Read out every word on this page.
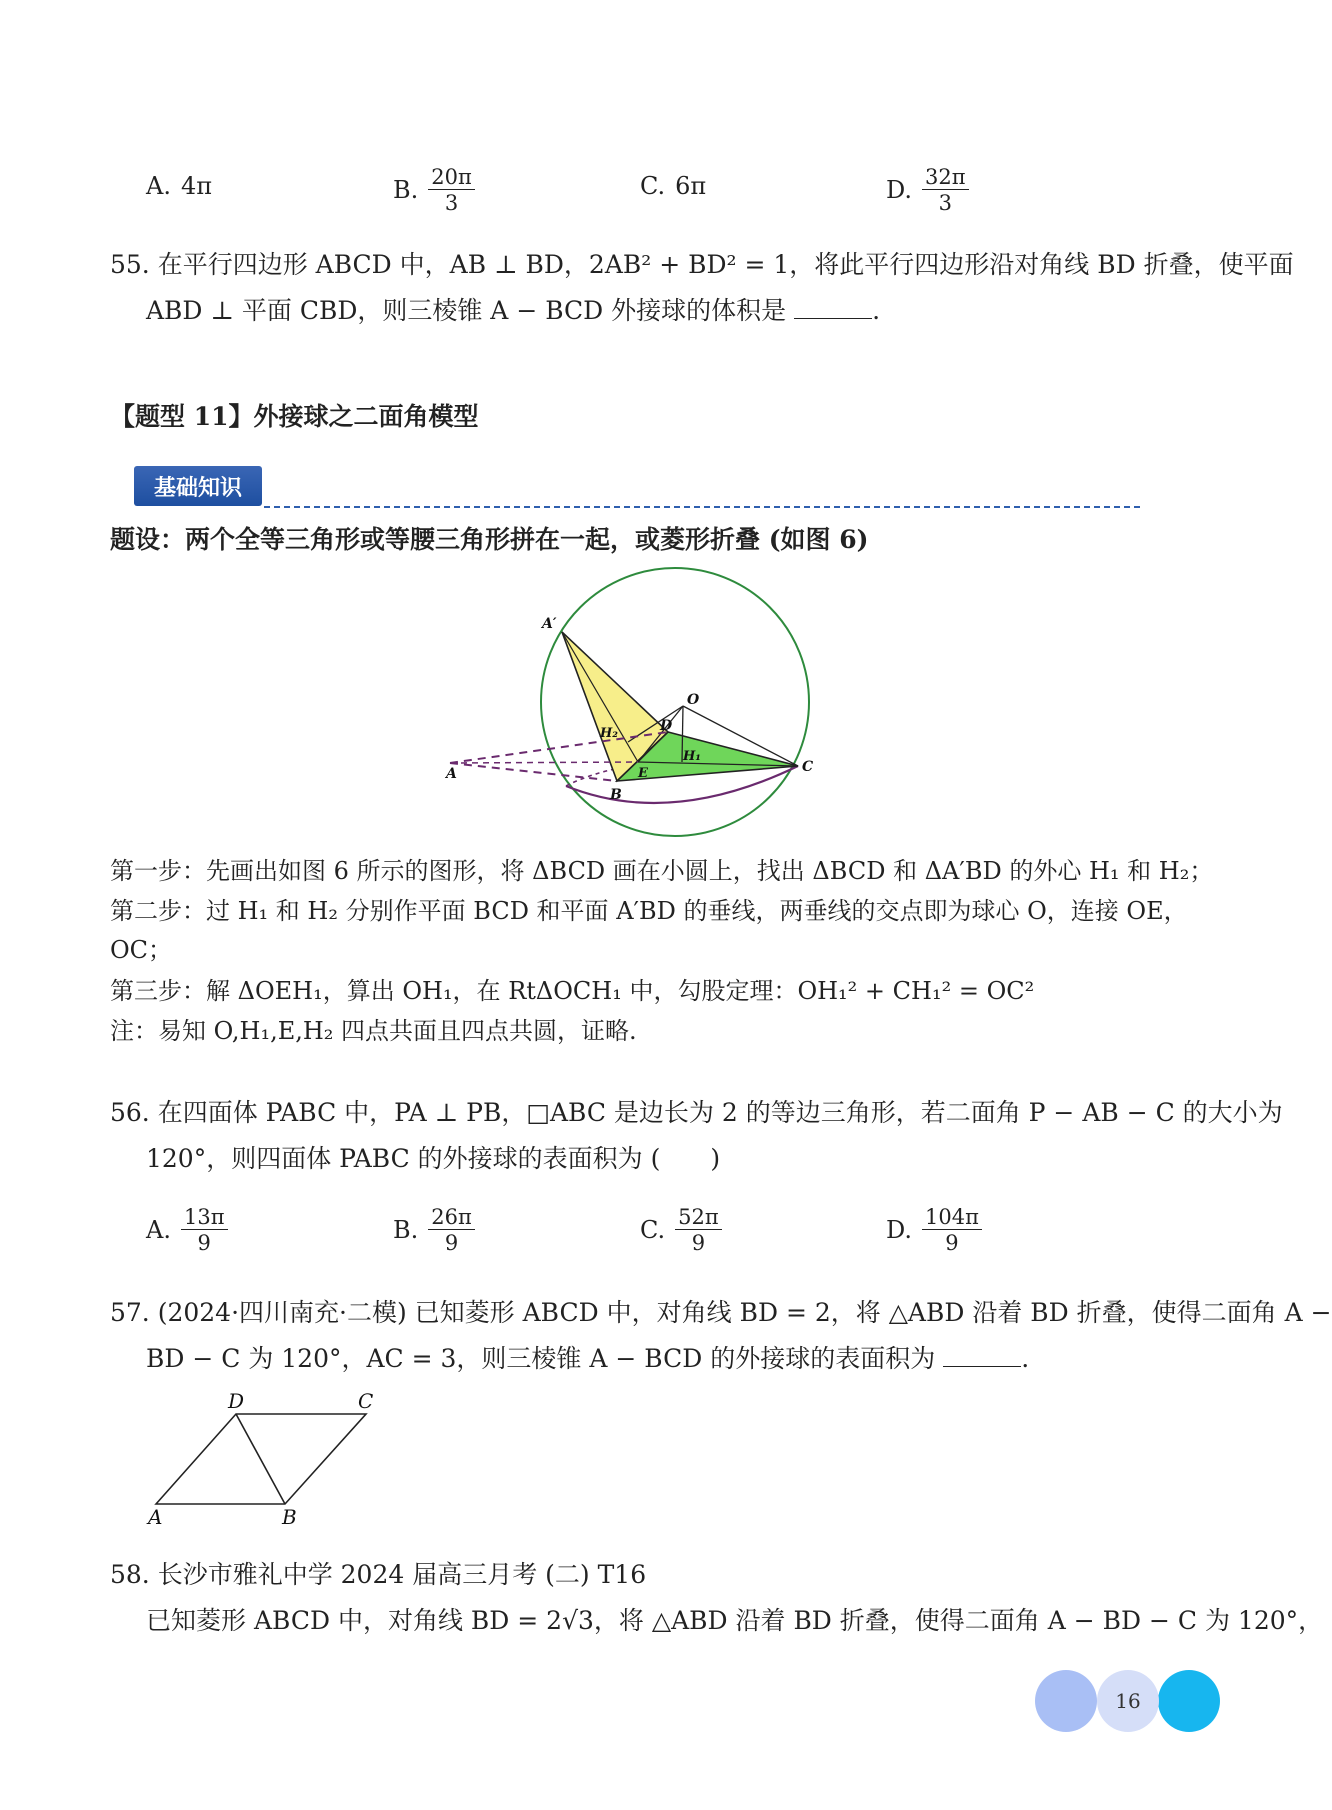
A. 4π	B. $\frac{20\pi}{3}$	C. 6π	D. $\frac{32\pi}{3}$
55. 在平行四边形 ABCD 中，AB ⊥ BD，2AB² + BD² = 1，将此平行四边形沿对角线 BD 折叠，使平面
ABD ⊥ 平面 CBD，则三棱锥 A − BCD 外接球的体积是	.
【题型 11】外接球之二面角模型
基础知识
题设：两个全等三角形或等腰三角形拼在一起，或菱形折叠 (如图 6)
A′
O
H₂	D
H₁
A	E
B
C
第一步：先画出如图 6 所示的图形，将 ΔBCD 画在小圆上，找出 ΔBCD 和 ΔA′BD 的外心 H₁ 和 H₂；
第二步：过 H₁ 和 H₂ 分别作平面 BCD 和平面 A′BD 的垂线，两垂线的交点即为球心 O，连接 OE，
OC；
第三步：解 ΔOEH₁，算出 OH₁，在 RtΔOCH₁ 中，勾股定理：OH₁² + CH₁² = OC²
注：易知 O,H₁,E,H₂ 四点共面且四点共圆，证略.
56. 在四面体 PABC 中，PA ⊥ PB，□ABC 是边长为 2 的等边三角形，若二面角 P − AB − C 的大小为
120°，则四面体 PABC 的外接球的表面积为 (　　)
A. $\frac{13\pi}{9}$	B. $\frac{26\pi}{9}$	C. $\frac{52\pi}{9}$	D. $\frac{104\pi}{9}$
57. (2024·四川南充·二模) 已知菱形 ABCD 中，对角线 BD = 2，将 △ABD 沿着 BD 折叠，使得二面角 A −
BD − C 为 120°，AC = 3，则三棱锥 A − BCD 的外接球的表面积为	.
D	C
A	B
58. 长沙市雅礼中学 2024 届高三月考 (二) T16
已知菱形 ABCD 中，对角线 BD = 2√3，将 △ABD 沿着 BD 折叠，使得二面角 A − BD − C 为 120°，
16
